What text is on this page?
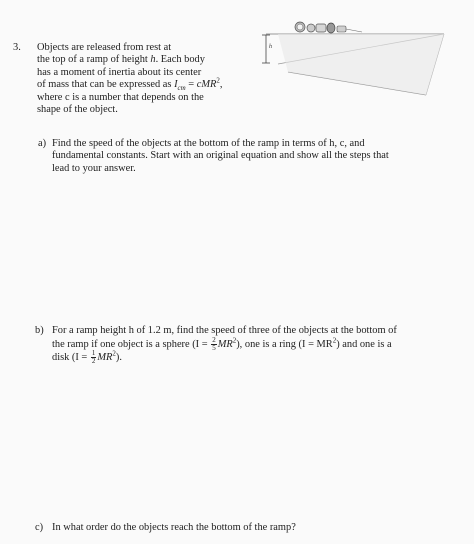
3. Objects are released from rest at
the top of a ramp of height h. Each body
has a moment of inertia about its center
of mass that can be expressed as $I_{cm} = cMR^2$,
where c is a number that depends on the
shape of the object.
h
a) Find the speed of the objects at the bottom of the ramp in terms of h, c, and
fundamental constants. Start with an original equation and show all the steps that
lead to your answer.
b) For a ramp height h of 1.2 m, find the speed of three of the objects at the bottom of
the ramp if one object is a sphere $(I = \frac{2}{5} MR^2)$, one is a ring $(I = MR^2)$ and one is a
disk $(I = \frac{1}{2} MR^2)$.
c) In what order do the objects reach the bottom of the ramp?
